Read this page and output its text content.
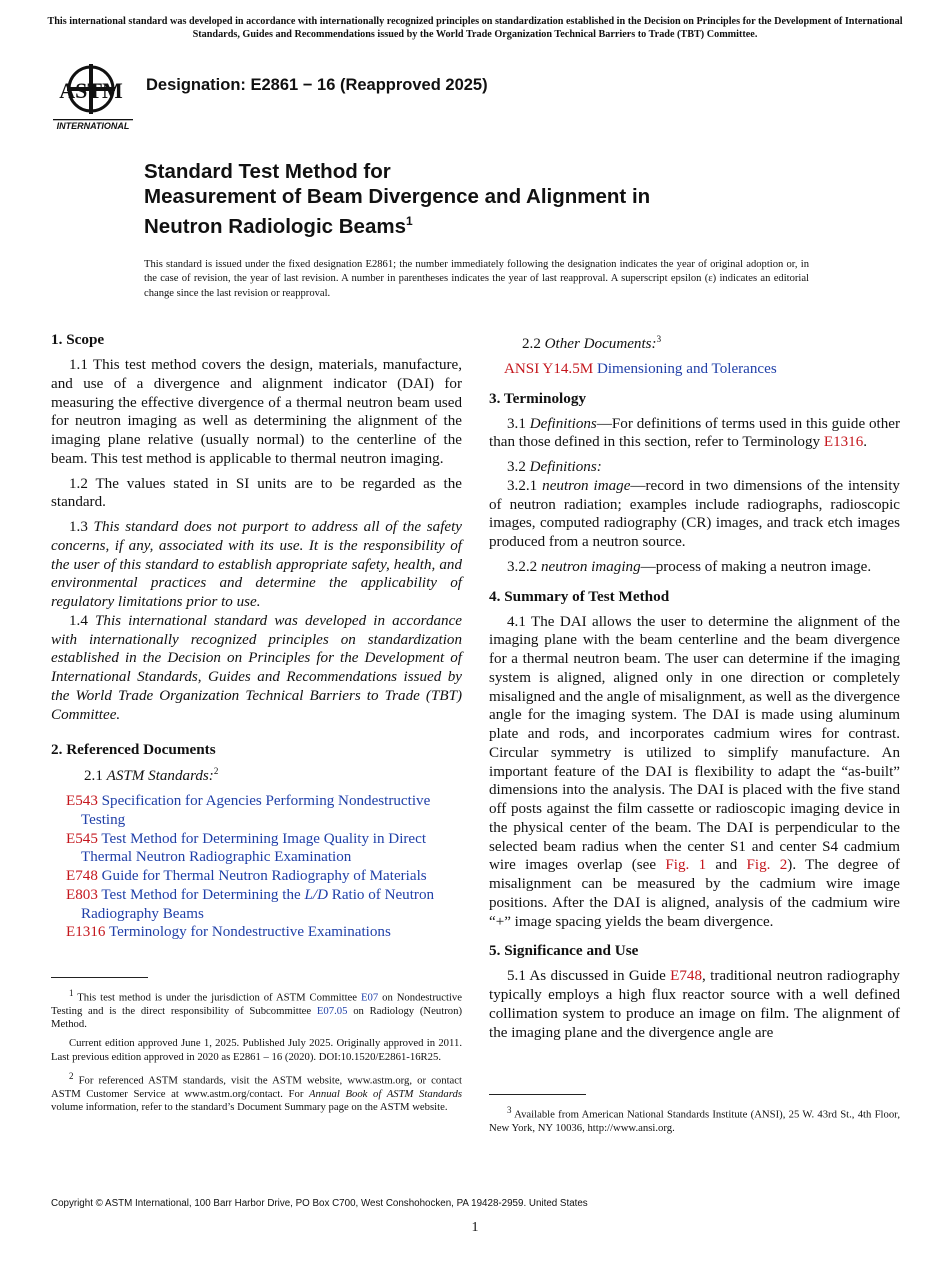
This international standard was developed in accordance with internationally recognized principles on standardization established in the Decision on Principles for the Development of International Standards, Guides and Recommendations issued by the World Trade Organization Technical Barriers to Trade (TBT) Committee.
ASTM
INTERNATIONAL
Designation: E2861 − 16 (Reapproved 2025)
Standard Test Method for
Measurement of Beam Divergence and Alignment in
Neutron Radiologic Beams$^1$
This standard is issued under the fixed designation E2861; the number immediately following the designation indicates the year of original adoption or, in the case of revision, the year of last revision. A number in parentheses indicates the year of last reapproval. A superscript epsilon (ε) indicates an editorial change since the last revision or reapproval.
1. Scope

1.1 This test method covers the design, materials, manufacture, and use of a divergence and alignment indicator (DAI) for measuring the effective divergence of a thermal neutron beam used for neutron imaging as well as determining the alignment of the imaging plane relative (usually normal) to the centerline of the beam. This test method is applicable to thermal neutron imaging.

1.2 The values stated in SI units are to be regarded as the standard.

1.3 This standard does not purport to address all of the safety concerns, if any, associated with its use. It is the responsibility of the user of this standard to establish appropriate safety, health, and environmental practices and determine the applicability of regulatory limitations prior to use.

1.4 This international standard was developed in accordance with internationally recognized principles on standardization established in the Decision on Principles for the Development of International Standards, Guides and Recommendations issued by the World Trade Organization Technical Barriers to Trade (TBT) Committee.

2. Referenced Documents

2.1 ASTM Standards:$^2$

E543 Specification for Agencies Performing Nondestructive Testing
E545 Test Method for Determining Image Quality in Direct Thermal Neutron Radiographic Examination
E748 Guide for Thermal Neutron Radiography of Materials
E803 Test Method for Determining the L/D Ratio of Neutron Radiography Beams
E1316 Terminology for Nondestructive Examinations

$^1$ This test method is under the jurisdiction of ASTM Committee E07 on Nondestructive Testing and is the direct responsibility of Subcommittee E07.05 on Radiology (Neutron) Method.

Current edition approved June 1, 2025. Published July 2025. Originally approved in 2011. Last previous edition approved in 2020 as E2861 – 16 (2020). DOI:10.1520/E2861-16R25.

$^2$ For referenced ASTM standards, visit the ASTM website, www.astm.org, or contact ASTM Customer Service at www.astm.org/contact. For Annual Book of ASTM Standards volume information, refer to the standard’s Document Summary page on the ASTM website.

2.2 Other Documents:$^3$

ANSI Y14.5M Dimensioning and Tolerances
3. Terminology

3.1 Definitions—For definitions of terms used in this guide other than those defined in this section, refer to Terminology E1316.

3.2 Definitions:

3.2.1 neutron image—record in two dimensions of the intensity of neutron radiation; examples include radiographs, radioscopic images, computed radiography (CR) images, and track etch images produced from a neutron source.

3.2.2 neutron imaging—process of making a neutron image.

4. Summary of Test Method

4.1 The DAI allows the user to determine the alignment of the imaging plane with the beam centerline and the beam divergence for a thermal neutron beam. The user can determine if the imaging system is aligned, aligned only in one direction or completely misaligned and the angle of misalignment, as well as the divergence angle for the imaging system. The DAI is made using aluminum plate and rods, and incorporates cadmium wires for contrast. Circular symmetry is utilized to simplify manufacture. An important feature of the DAI is flexibility to adapt the “as-built” dimensions into the analysis. The DAI is placed with the five stand off posts against the film cassette or radioscopic imaging device in the physical center of the beam. The DAI is perpendicular to the selected beam radius when the center S1 and center S4 cadmium wire images overlap (see Fig. 1 and Fig. 2). The degree of misalignment can be measured by the cadmium wire image positions. After the DAI is aligned, analysis of the cadmium wire “+” image spacing yields the beam divergence.

5. Significance and Use

5.1 As discussed in Guide E748, traditional neutron radiography typically employs a high flux reactor source with a well defined collimation system to produce an image on film. The alignment of the imaging plane and the divergence angle are

$^3$ Available from American National Standards Institute (ANSI), 25 W. 43rd St., 4th Floor, New York, NY 10036, http://www.ansi.org.

Copyright © ASTM International, 100 Barr Harbor Drive, PO Box C700, West Conshohocken, PA 19428-2959. United States
1
